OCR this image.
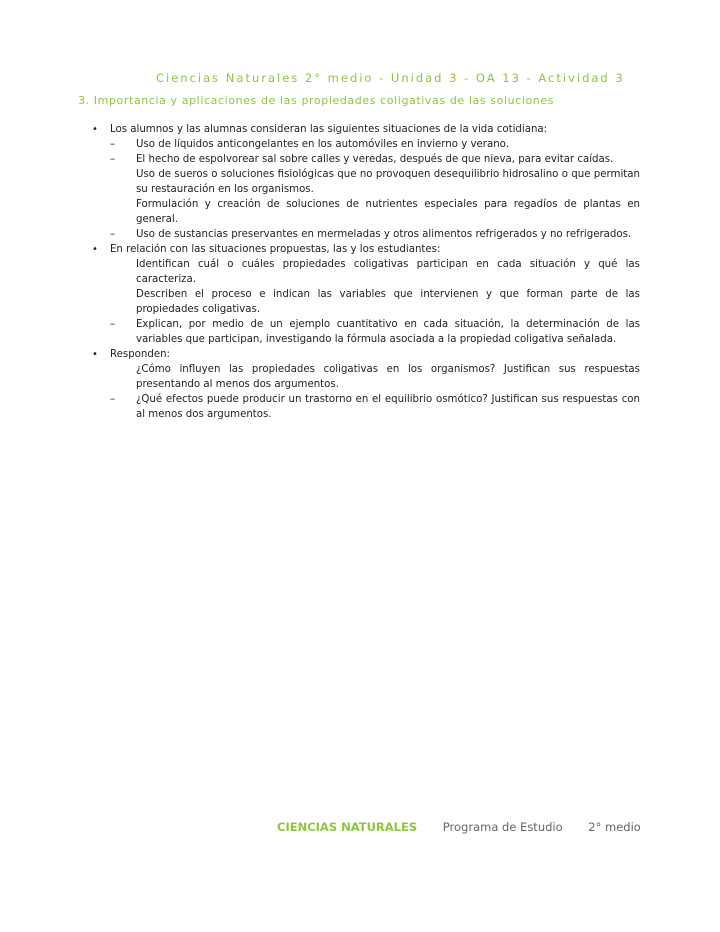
Ciencias Naturales 2° medio - Unidad 3 - OA 13 - Actividad 3
3. Importancia y aplicaciones de las propiedades coligativas de las soluciones
• Los alumnos y las alumnas consideran las siguientes situaciones de la vida cotidiana:
– Uso de líquidos anticongelantes en los automóviles en invierno y verano.
– El hecho de espolvorear sal sobre calles y veredas, después de que nieva, para evitar caídas.
Uso de sueros o soluciones fisiológicas que no provoquen desequilibrio hidrosalino o que permitan su restauración en los organismos.
Formulación y creación de soluciones de nutrientes especiales para regadíos de plantas en general.
– Uso de sustancias preservantes en mermeladas y otros alimentos refrigerados y no refrigerados.
• En relación con las situaciones propuestas, las y los estudiantes:
Identifican cuál o cuáles propiedades coligativas participan en cada situación y qué las caracteriza.
Describen el proceso e indican las variables que intervienen y que forman parte de las propiedades coligativas.
– Explican, por medio de un ejemplo cuantitativo en cada situación, la determinación de las variables que participan, investigando la fórmula asociada a la propiedad coligativa señalada.
• Responden:
¿Cómo influyen las propiedades coligativas en los organismos? Justifican sus respuestas presentando al menos dos argumentos.
– ¿Qué efectos puede producir un trastorno en el equilibrio osmótico? Justifican sus respuestas con al menos dos argumentos.
CIENCIAS NATURALES Programa de Estudio 2° medio
